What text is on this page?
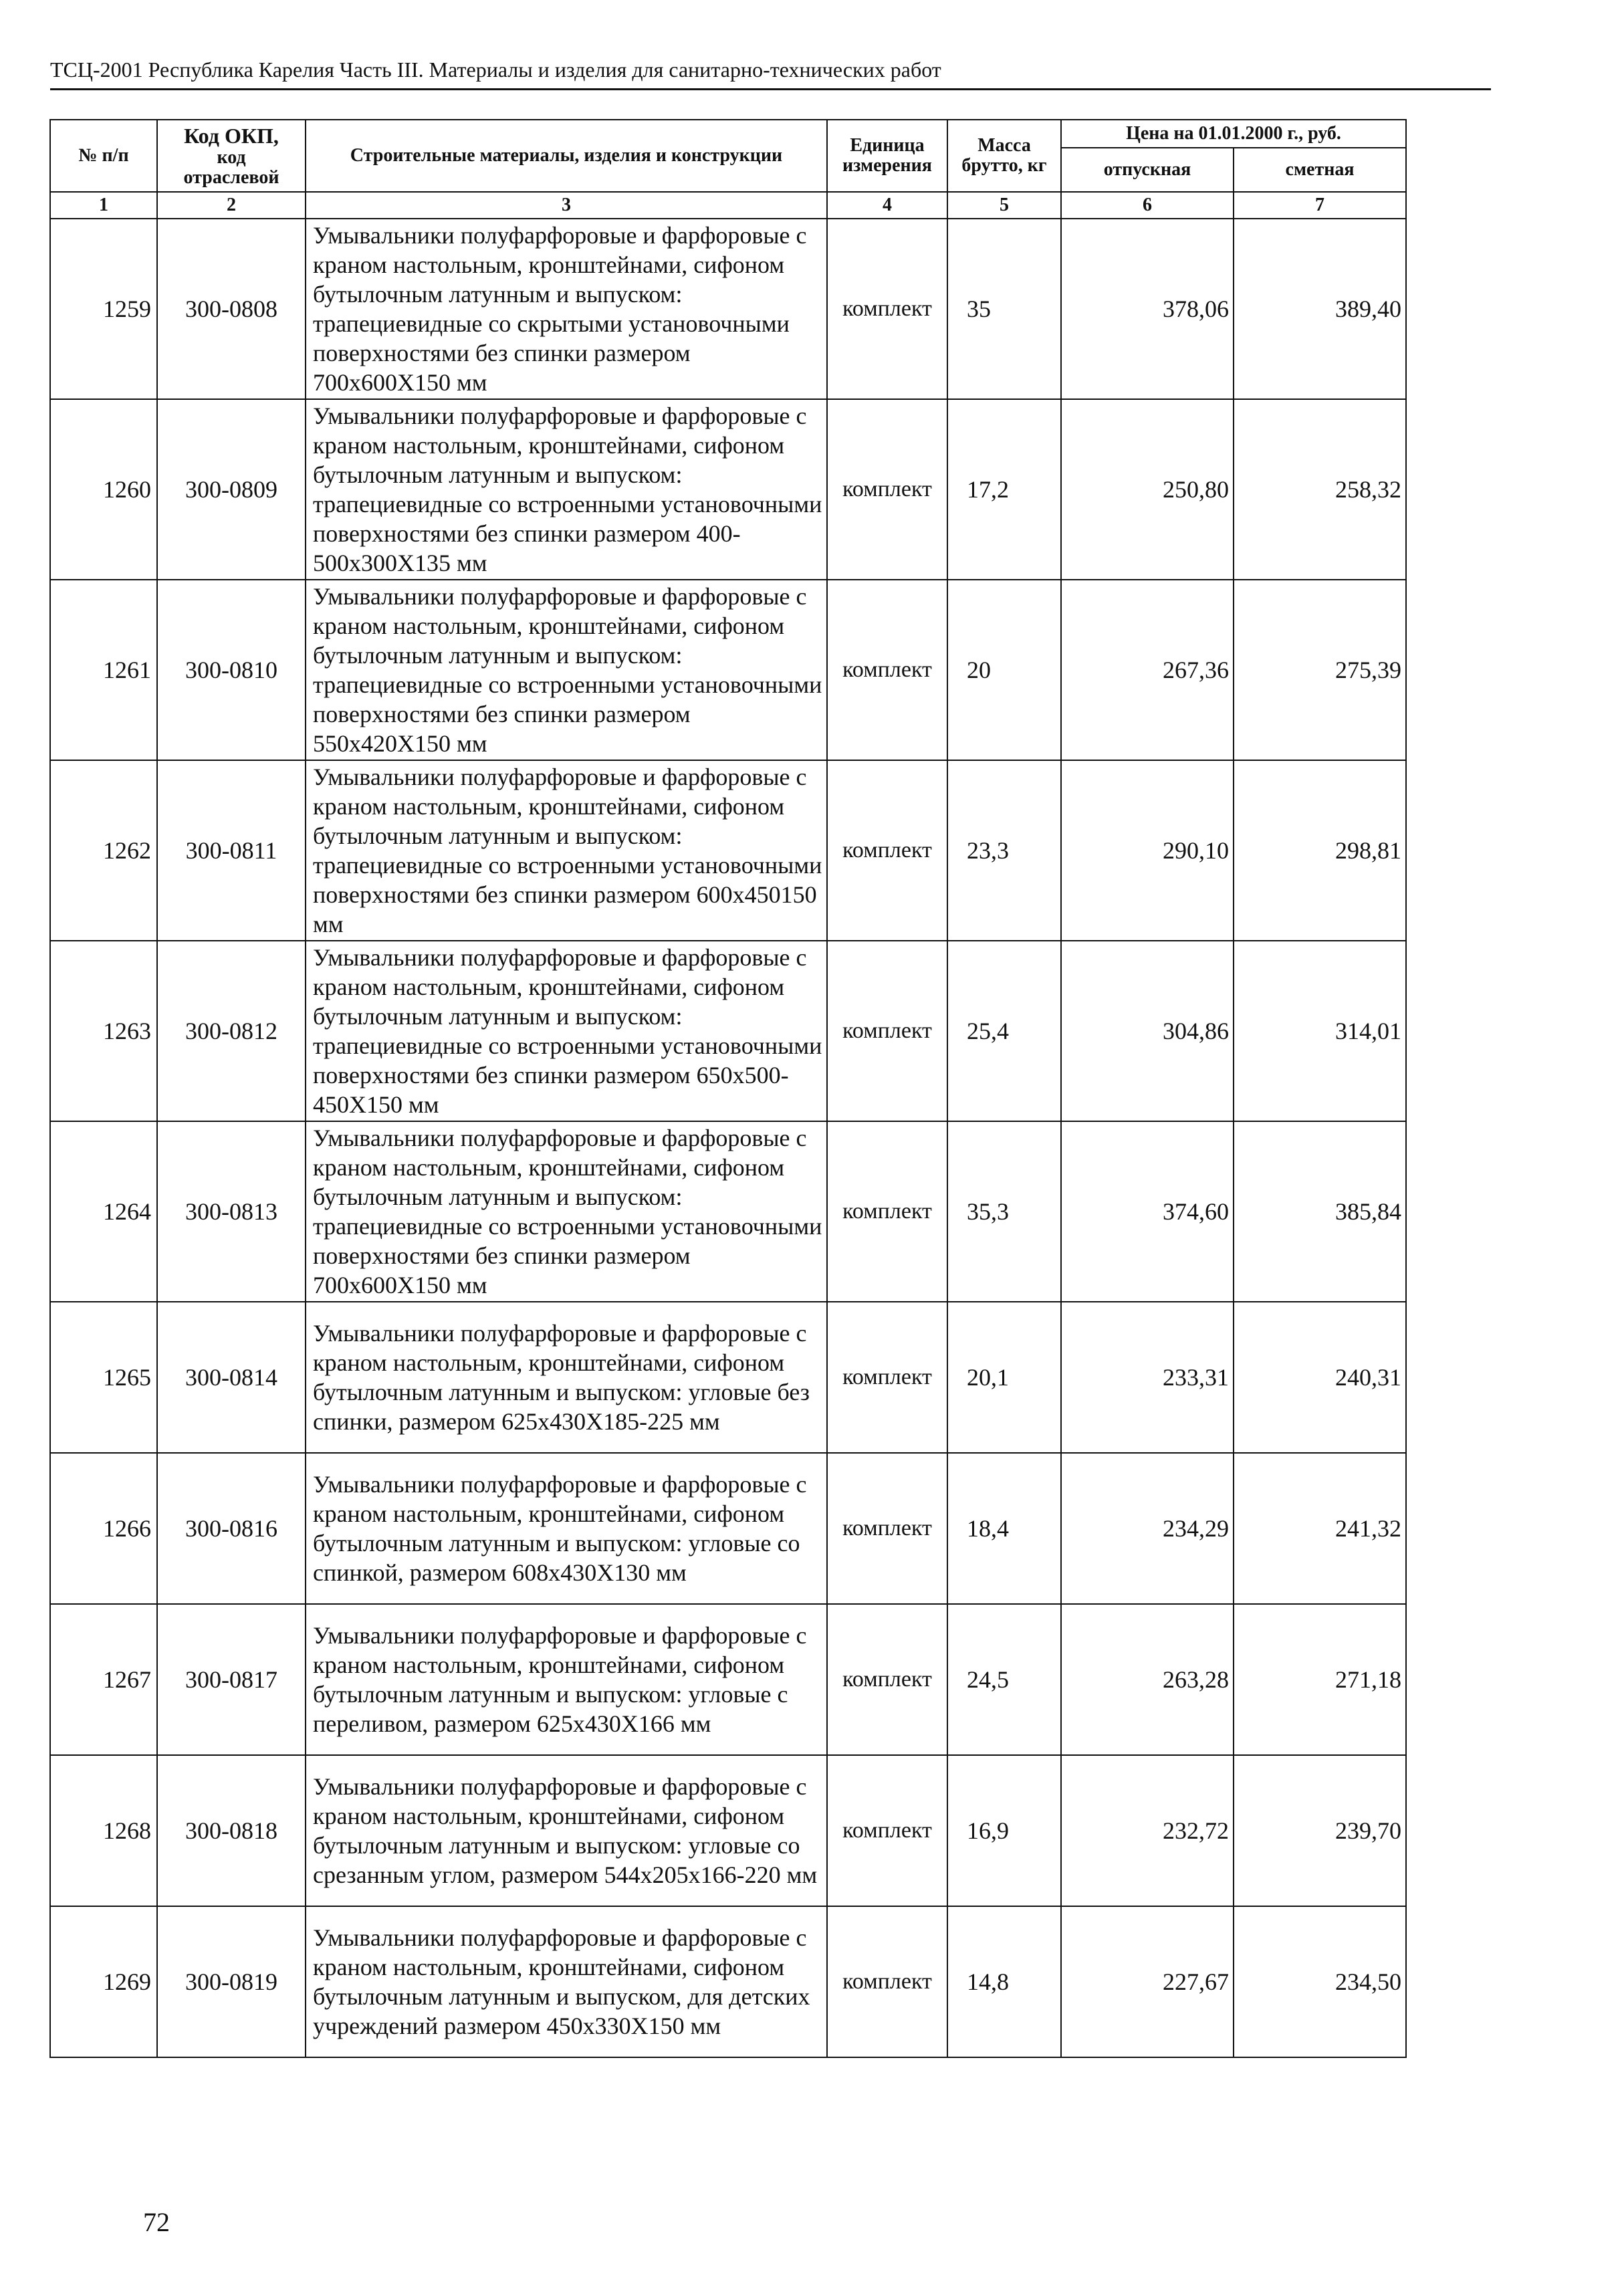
ТСЦ-2001 Республика Карелия Часть III. Материалы и изделия для санитарно-технических работ
№ п/п	Код ОКП,
код
отраслевой	Строительные материалы, изделия и конструкции	Единица измерения	Масса брутто, кг	Цена на 01.01.2000 г., руб.	
					отпускная	сметная
1	2	3	4	5	6	7
1259	300-0808	Умывальники полуфарфоровые и фарфоровые с краном настольным, кронштейнами, сифоном бутылочным латунным и выпуском: трапециевидные со скрытыми установочными поверхностями без спинки размером 700х600Х150 мм	комплект	35	378,06	389,40
1260	300-0809	Умывальники полуфарфоровые и фарфоровые с краном настольным, кронштейнами, сифоном бутылочным латунным и выпуском: трапециевидные со встроенными установочными поверхностями без спинки размером 400-500х300Х135 мм	комплект	17,2	250,80	258,32
1261	300-0810	Умывальники полуфарфоровые и фарфоровые с краном настольным, кронштейнами, сифоном бутылочным латунным и выпуском: трапециевидные со встроенными установочными поверхностями без спинки размером 550х420Х150 мм	комплект	20	267,36	275,39
1262	300-0811	Умывальники полуфарфоровые и фарфоровые с краном настольным, кронштейнами, сифоном бутылочным латунным и выпуском: трапециевидные со встроенными установочными поверхностями без спинки размером 600х450150 мм	комплект	23,3	290,10	298,81
1263	300-0812	Умывальники полуфарфоровые и фарфоровые с краном настольным, кронштейнами, сифоном бутылочным латунным и выпуском: трапециевидные со встроенными установочными поверхностями без спинки размером 650х500-450Х150 мм	комплект	25,4	304,86	314,01
1264	300-0813	Умывальники полуфарфоровые и фарфоровые с краном настольным, кронштейнами, сифоном бутылочным латунным и выпуском: трапециевидные со встроенными установочными поверхностями без спинки размером 700х600Х150 мм	комплект	35,3	374,60	385,84
1265	300-0814	Умывальники полуфарфоровые и фарфоровые с краном настольным, кронштейнами, сифоном бутылочным латунным и выпуском: угловые без спинки, размером 625х430Х185-225 мм	комплект	20,1	233,31	240,31
1266	300-0816	Умывальники полуфарфоровые и фарфоровые с краном настольным, кронштейнами, сифоном бутылочным латунным и выпуском: угловые со спинкой, размером 608х430Х130 мм	комплект	18,4	234,29	241,32
1267	300-0817	Умывальники полуфарфоровые и фарфоровые с краном настольным, кронштейнами, сифоном бутылочным латунным и выпуском: угловые с переливом, размером 625х430Х166 мм	комплект	24,5	263,28	271,18
1268	300-0818	Умывальники полуфарфоровые и фарфоровые с краном настольным, кронштейнами, сифоном бутылочным латунным и выпуском: угловые со срезанным углом, размером 544х205х166-220 мм	комплект	16,9	232,72	239,70
1269	300-0819	Умывальники полуфарфоровые и фарфоровые с краном настольным, кронштейнами, сифоном бутылочным латунным и выпуском, для детских учреждений размером 450х330Х150 мм	комплект	14,8	227,67	234,50
72
